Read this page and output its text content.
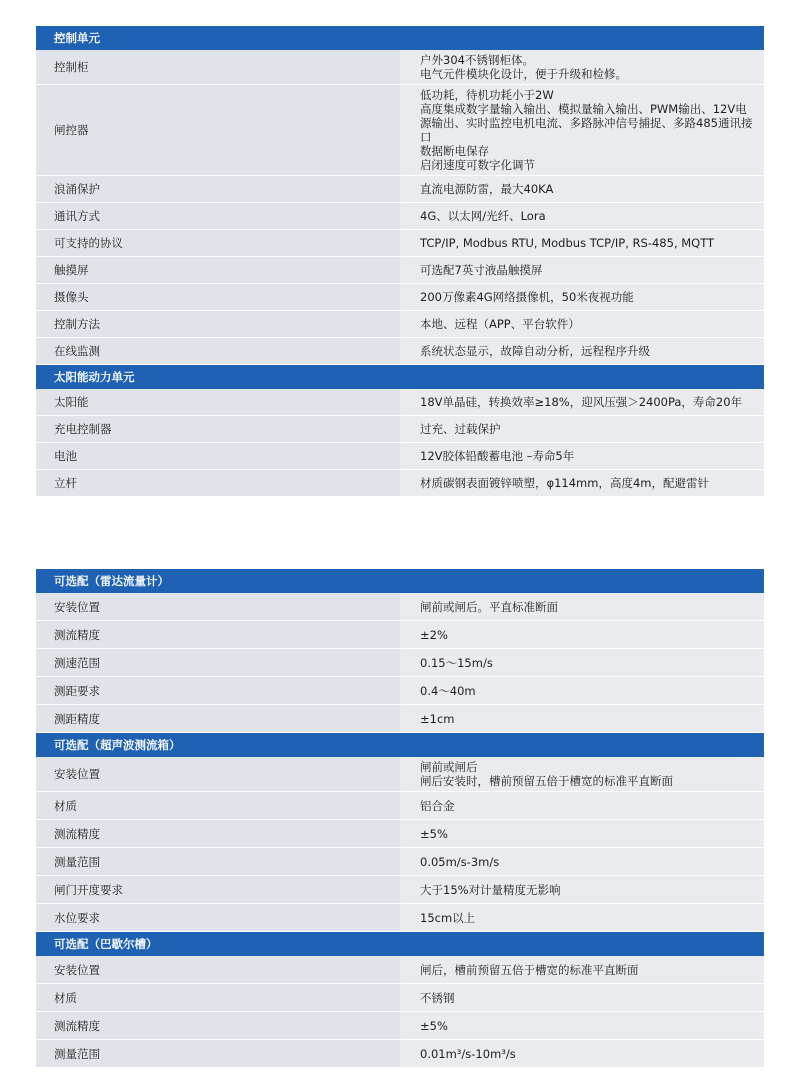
控制单元	
控制柜	户外304不锈钢柜体。
电气元件模块化设计，便于升级和检修。

闸控器	低功耗，待机功耗小于2W
高度集成数字量输入输出、模拟量输入输出、PWM输出、12V电源输出、实时监控电机电流、多路脉冲信号捕捉、多路485通讯接口
数据断电保存
启闭速度可数字化调节

浪涌保护	直流电源防雷，最大40KA

通讯方式	4G、以太网/光纤、Lora

可支持的协议	TCP/IP, Modbus RTU, Modbus TCP/IP, RS-485, MQTT

触摸屏	可选配7英寸液晶触摸屏

摄像头	200万像素4G网络摄像机，50米夜视功能

控制方法	本地、远程（APP、平台软件）

在线监测	系统状态显示，故障自动分析，远程程序升级

太阳能动力单元	
太阳能	18V单晶硅，转换效率≥18%，迎风压强＞2400Pa，寿命20年

充电控制器	过充、过载保护

电池	12V胶体铅酸蓄电池 –寿命5年

立杆	材质碳钢表面镀锌喷塑，φ114mm，高度4m，配避雷针
可选配（雷达流量计）	
安装位置	闸前或闸后。平直标准断面

测流精度	±2%

测速范围	0.15～15m/s

测距要求	0.4～40m

测距精度	±1cm

可选配（超声波测流箱）	
安装位置	闸前或闸后
闸后安装时，槽前预留五倍于槽宽的标准平直断面

材质	铝合金

测流精度	±5%

测量范围	0.05m/s-3m/s

闸门开度要求	大于15%对计量精度无影响

水位要求	15cm以上

可选配（巴歇尔槽）	
安装位置	闸后，槽前预留五倍于槽宽的标准平直断面

材质	不锈钢

测流精度	±5%

测量范围	0.01m³/s-10m³/s
